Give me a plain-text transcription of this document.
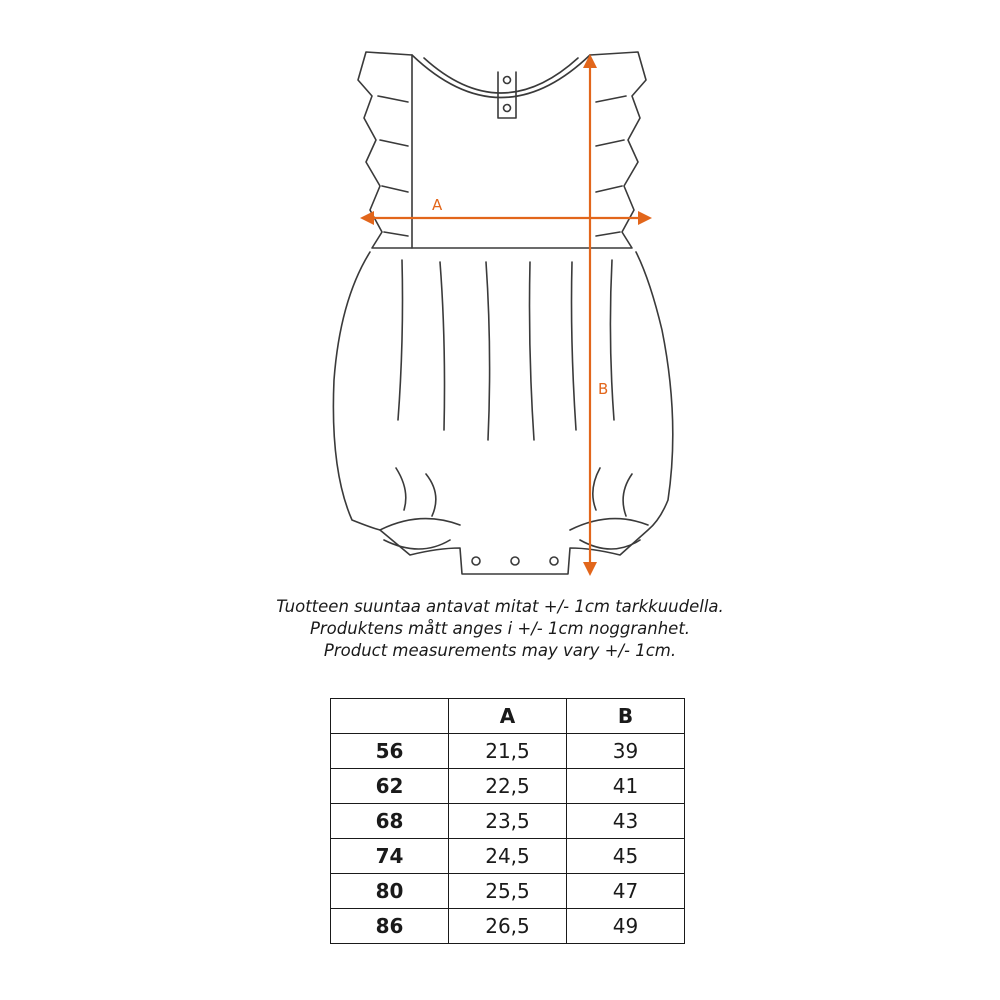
A
B
Tuotteen suuntaa antavat mitat +/- 1cm tarkkuudella.
Produktens mått anges i +/- 1cm noggranhet.
Product measurements may vary +/- 1cm.
	A	B
56	21,5	39
62	22,5	41
68	23,5	43
74	24,5	45
80	25,5	47
86	26,5	49
